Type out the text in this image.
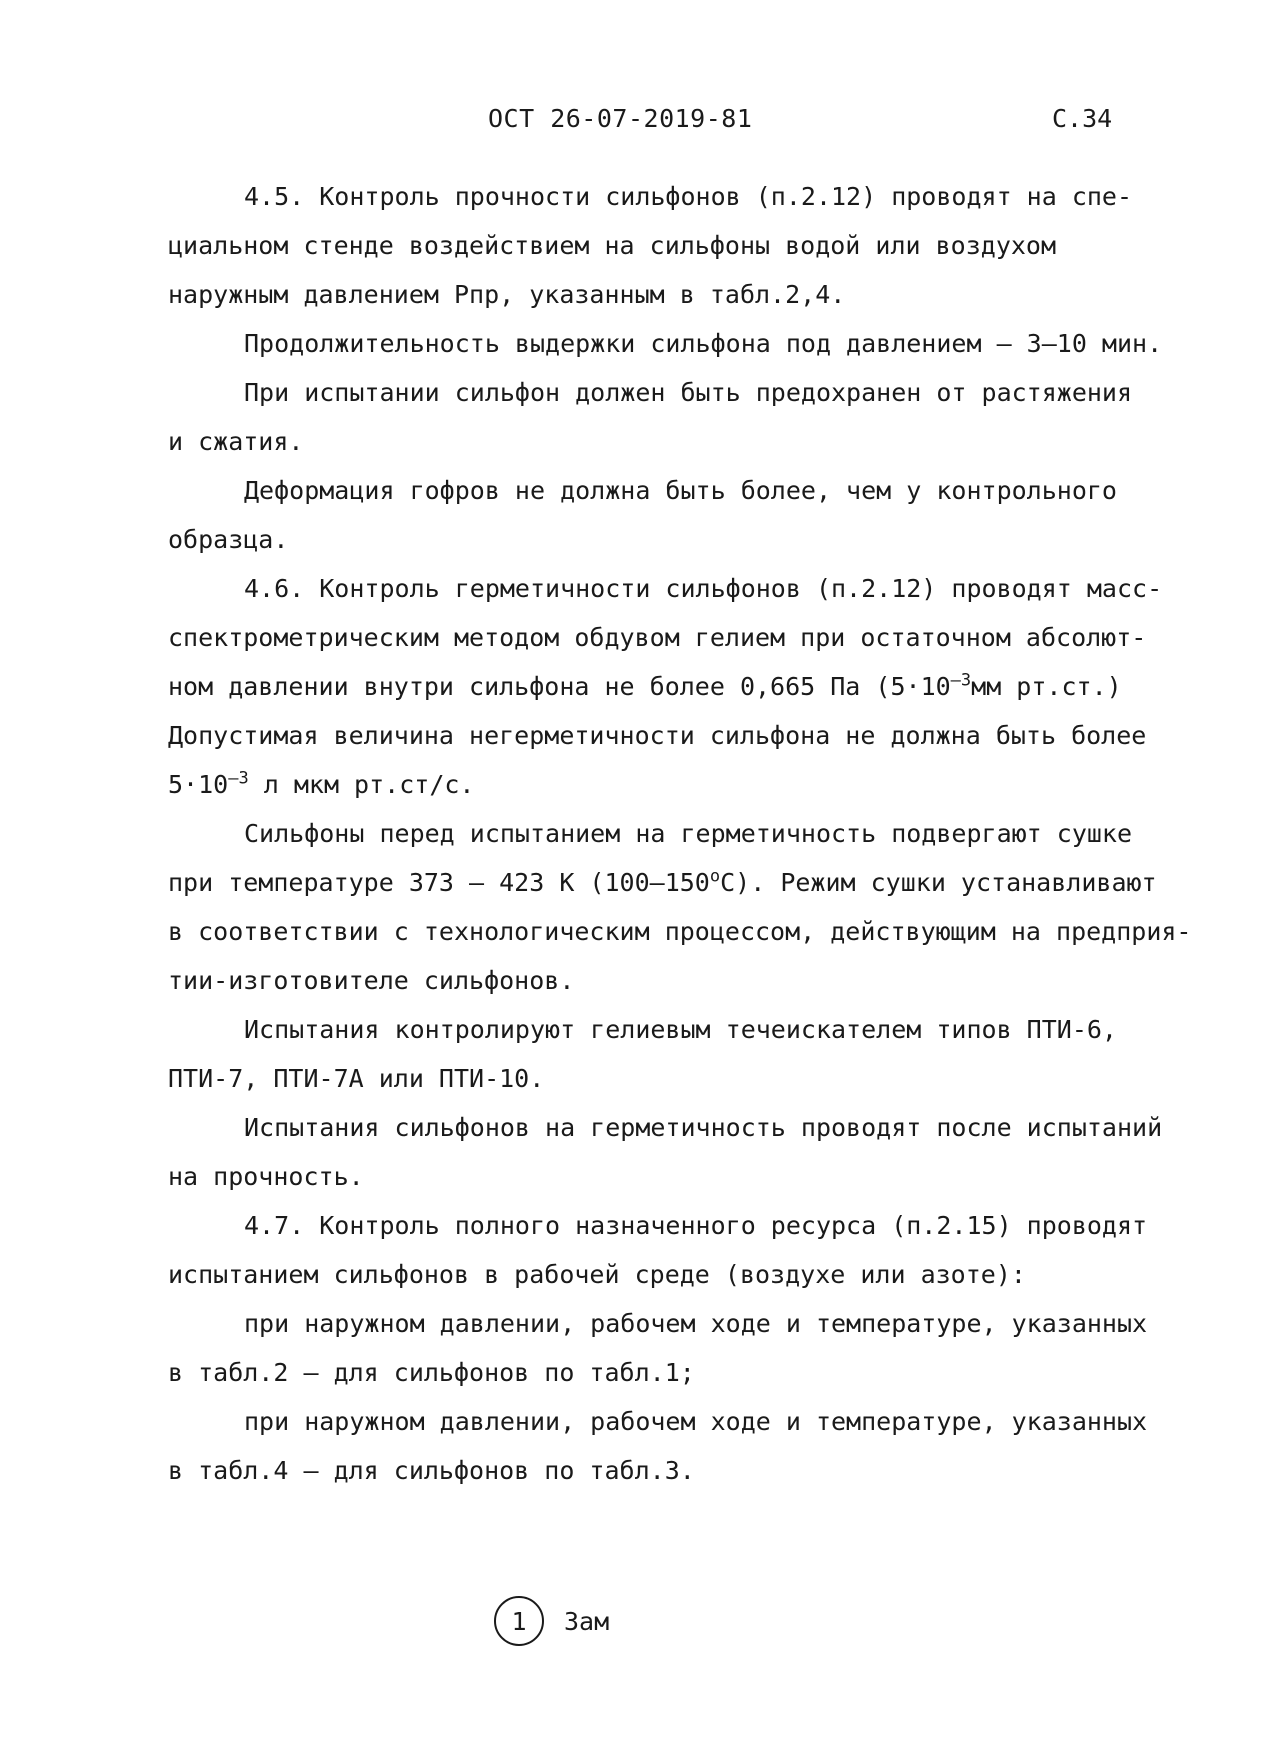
ОСТ 26-07-2019-81	С.34

4.5. Контроль прочности сильфонов (п.2.12) проводят на спе-

циальном стенде воздействием на сильфоны водой или воздухом

наружным давлением Рпр, указанным в табл.2,4.

Продолжительность выдержки сильфона под давлением – 3–10 мин.

При испытании сильфон должен быть предохранен от растяжения

и сжатия.

Деформация гофров не должна быть более, чем у контрольного

образца.

4.6. Контроль герметичности сильфонов (п.2.12) проводят масс-

спектрометрическим методом обдувом гелием при остаточном абсолют-

ном давлении внутри сильфона не более 0,665 Па ($5\cdot 10^{-3}мм$ рт.ст.)

Допустимая величина негерметичности сильфона не должна быть более

$5\cdot 10^{-3}$ л мкм рт.ст/с.

Сильфоны перед испытанием на герметичность подвергают сушке

при температуре 373 – 423 К $(100-150^оС)$. Режим сушки устанавливают

в соответствии с технологическим процессом, действующим на предприя-

тии-изготовителе сильфонов.

Испытания контролируют гелиевым течеискателем типов ПТИ-6,

ПТИ-7, ПТИ-7А или ПТИ-10.

Испытания сильфонов на герметичность проводят после испытаний

на прочность.

4.7. Контроль полного назначенного ресурса (п.2.15) проводят

испытанием сильфонов в рабочей среде (воздухе или азоте):

при наружном давлении, рабочем ходе и температуре, указанных

в табл.2 – для сильфонов по табл.1;

при наружном давлении, рабочем ходе и температуре, указанных

в табл.4 – для сильфонов по табл.3.

1 Зам
